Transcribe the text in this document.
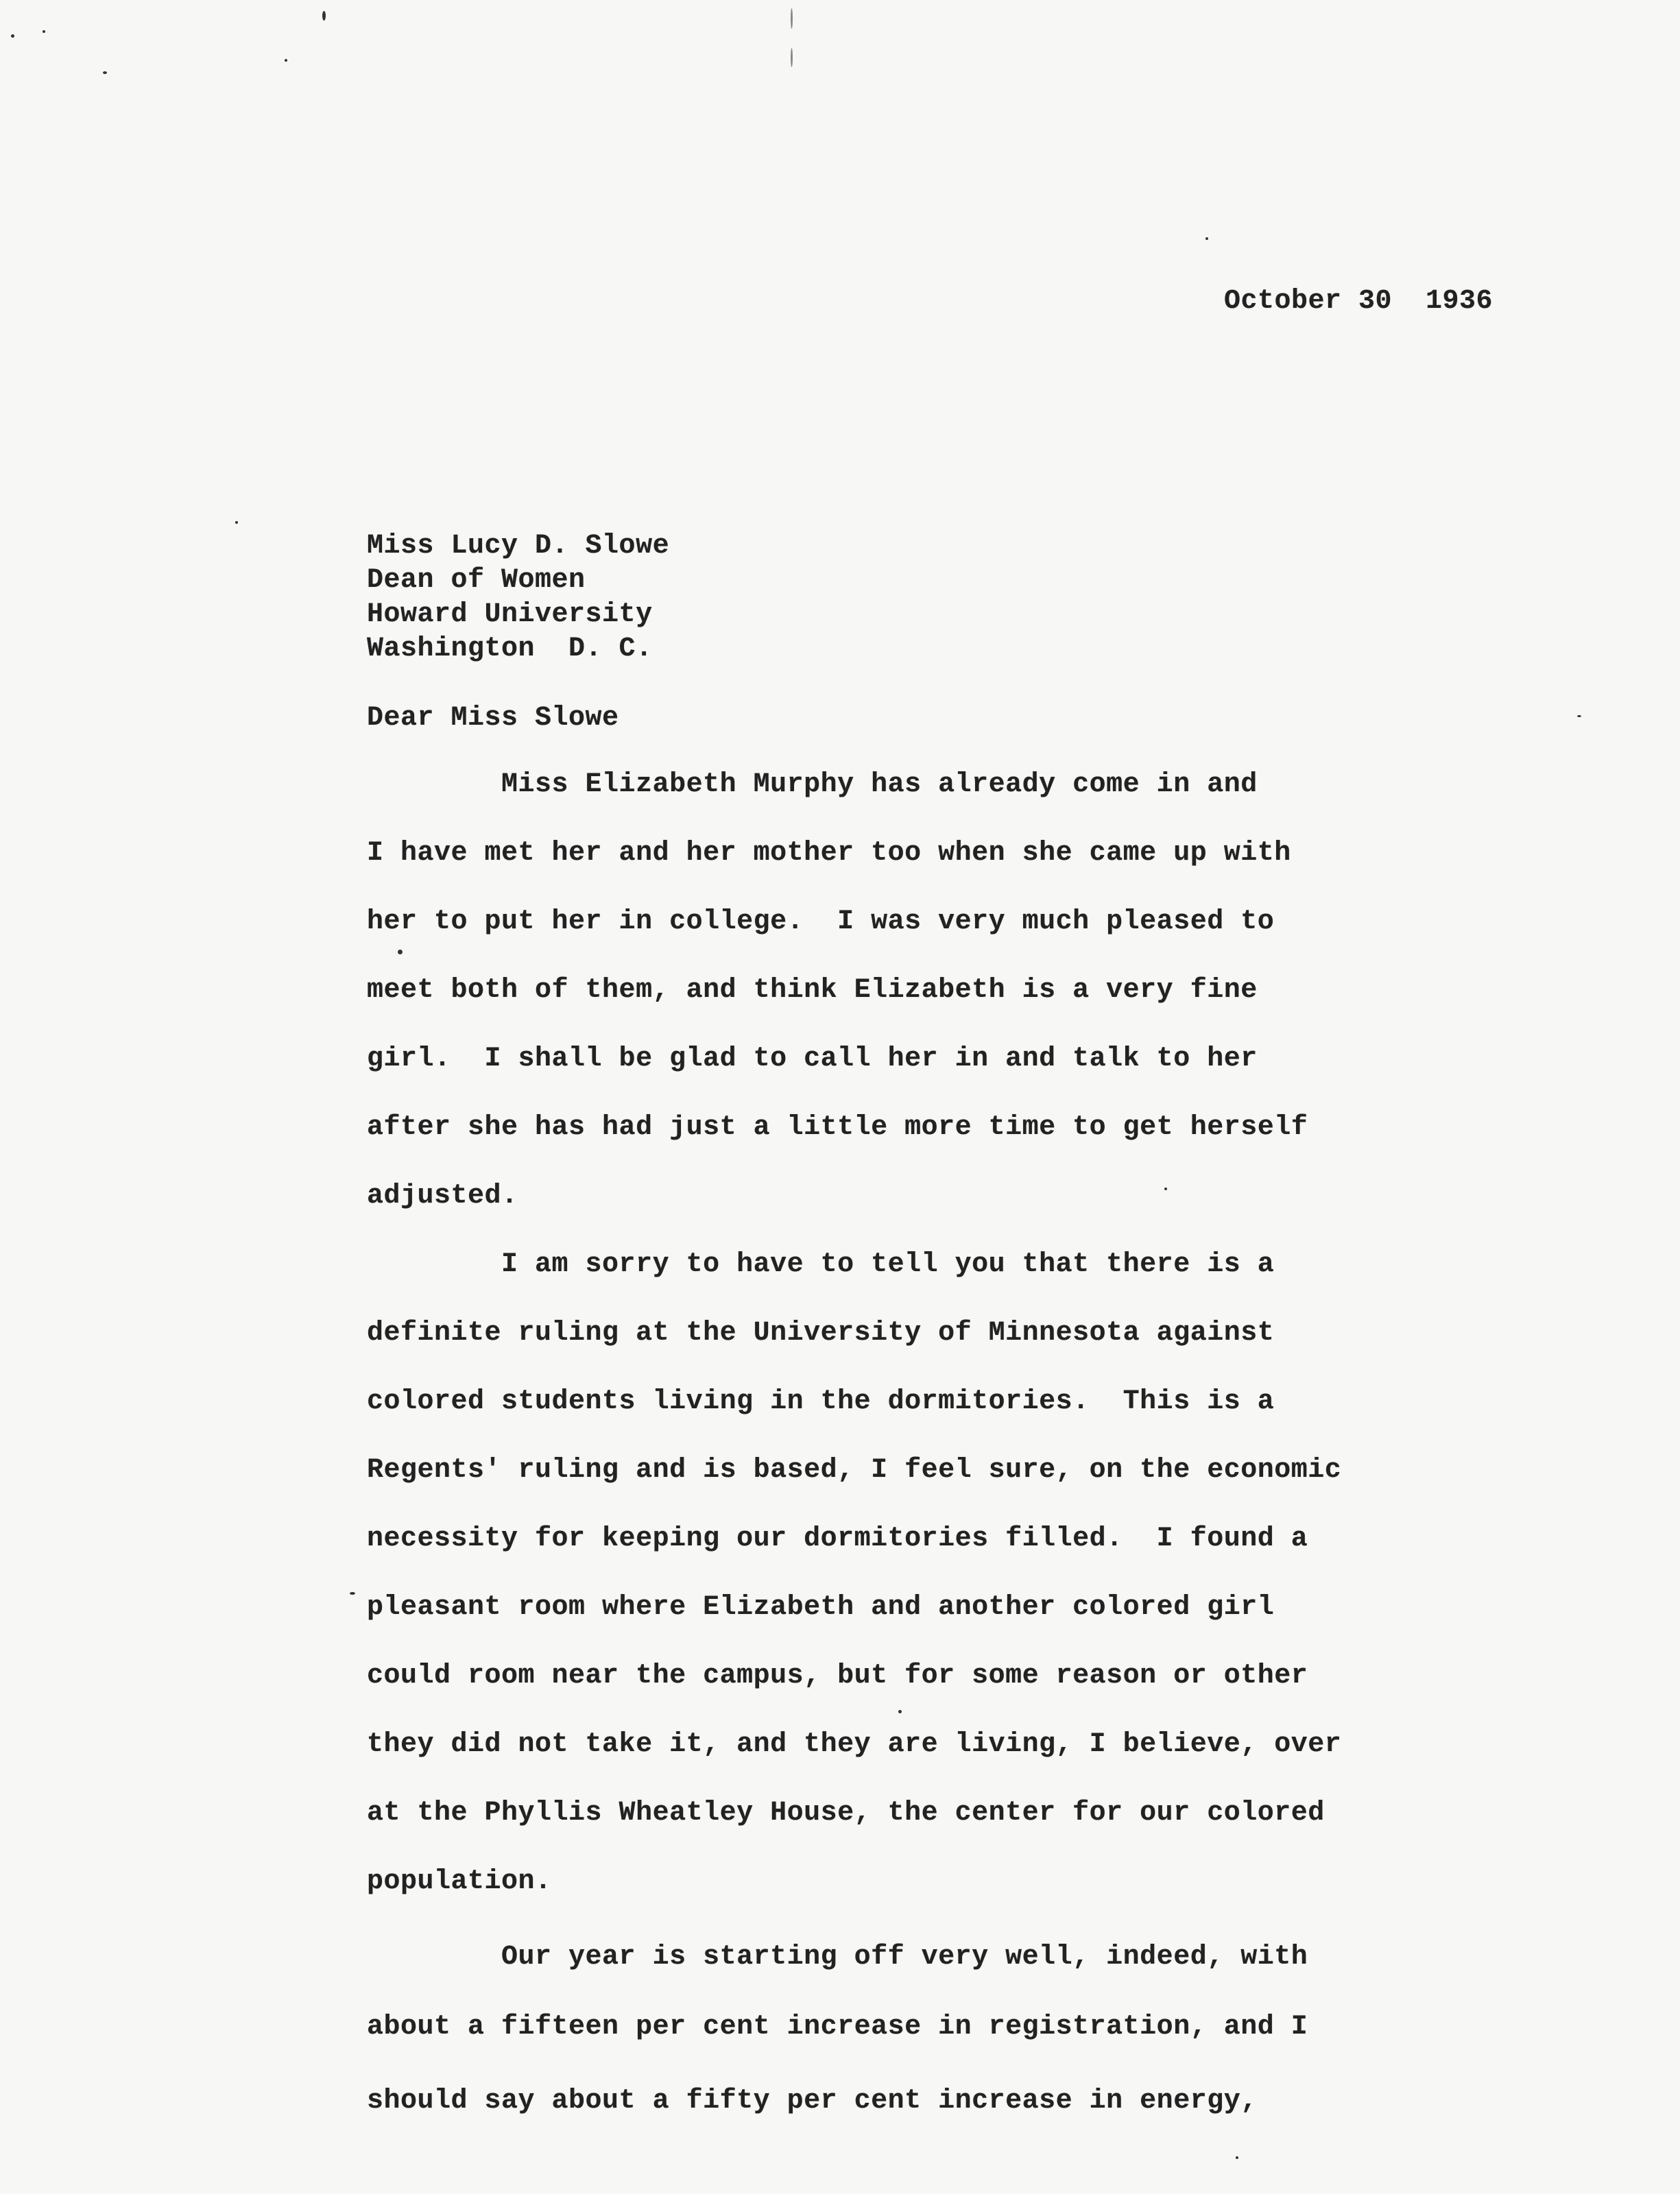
October 30  1936
Miss Lucy D. Slowe
Dean of Women
Howard University
Washington  D. C.
Dear Miss Slowe
Miss Elizabeth Murphy has already come in and
I have met her and her mother too when she came up with
her to put her in college.  I was very much pleased to
meet both of them, and think Elizabeth is a very fine
girl.  I shall be glad to call her in and talk to her
after she has had just a little more time to get herself
adjusted.
I am sorry to have to tell you that there is a
definite ruling at the University of Minnesota against
colored students living in the dormitories.  This is a
Regents' ruling and is based, I feel sure, on the economic
necessity for keeping our dormitories filled.  I found a
pleasant room where Elizabeth and another colored girl
could room near the campus, but for some reason or other
they did not take it, and they are living, I believe, over
at the Phyllis Wheatley House, the center for our colored
population.
Our year is starting off very well, indeed, with
about a fifteen per cent increase in registration, and I
should say about a fifty per cent increase in energy,
